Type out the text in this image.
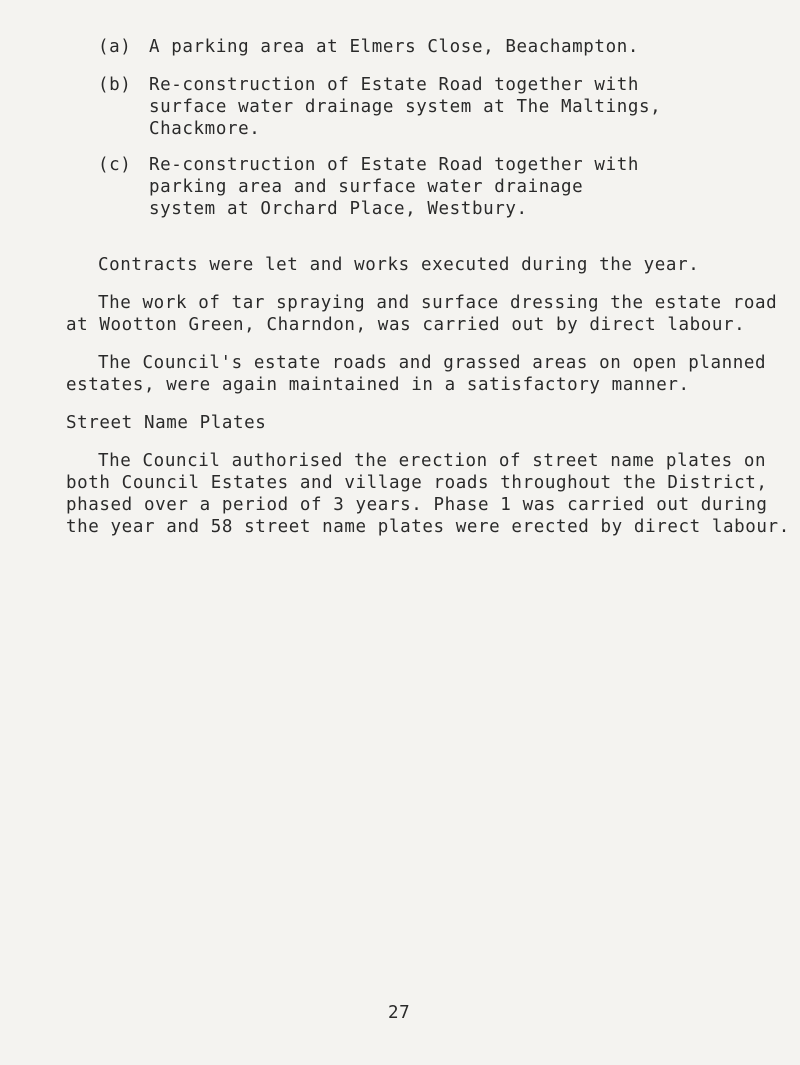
(a) A parking area at Elmers Close, Beachampton.
(b) Re-construction of Estate Road together with
surface water drainage system at The Maltings,
Chackmore.
(c) Re-construction of Estate Road together with
parking area and surface water drainage
system at Orchard Place, Westbury.
Contracts were let and works executed during the year.
The work of tar spraying and surface dressing the estate road
at Wootton Green, Charndon, was carried out by direct labour.
The Council's estate roads and grassed areas on open planned
estates, were again maintained in a satisfactory manner.
Street Name Plates
The Council authorised the erection of street name plates on
both Council Estates and village roads throughout the District,
phased over a period of 3 years. Phase 1 was carried out during
the year and 58 street name plates were erected by direct labour.
27
